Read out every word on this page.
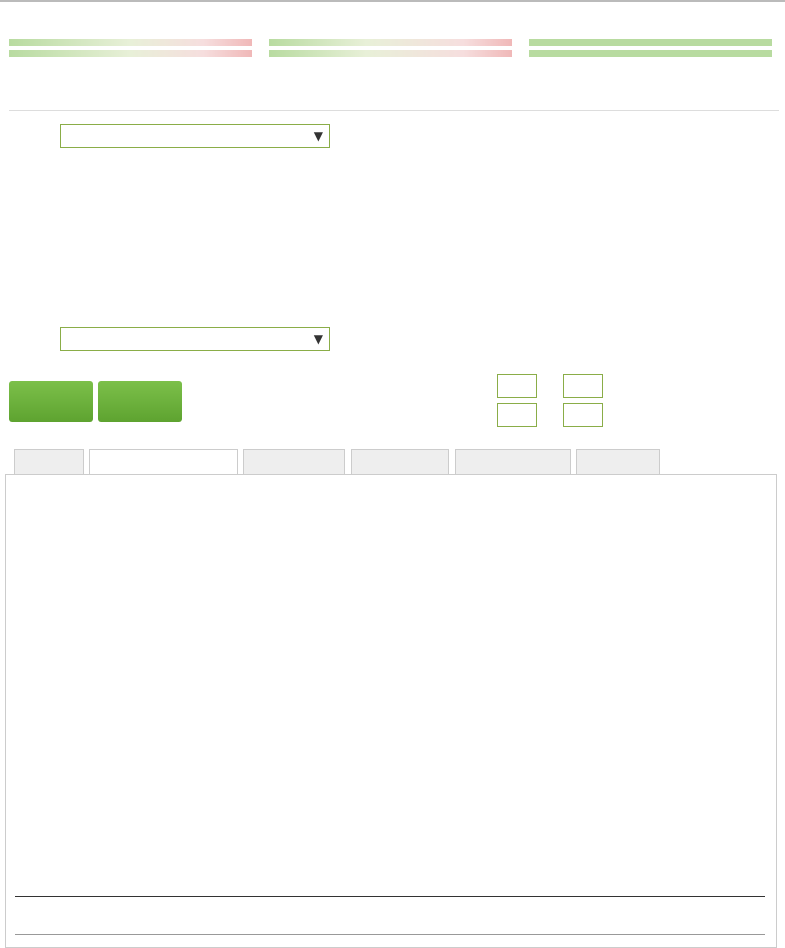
▼
▼
